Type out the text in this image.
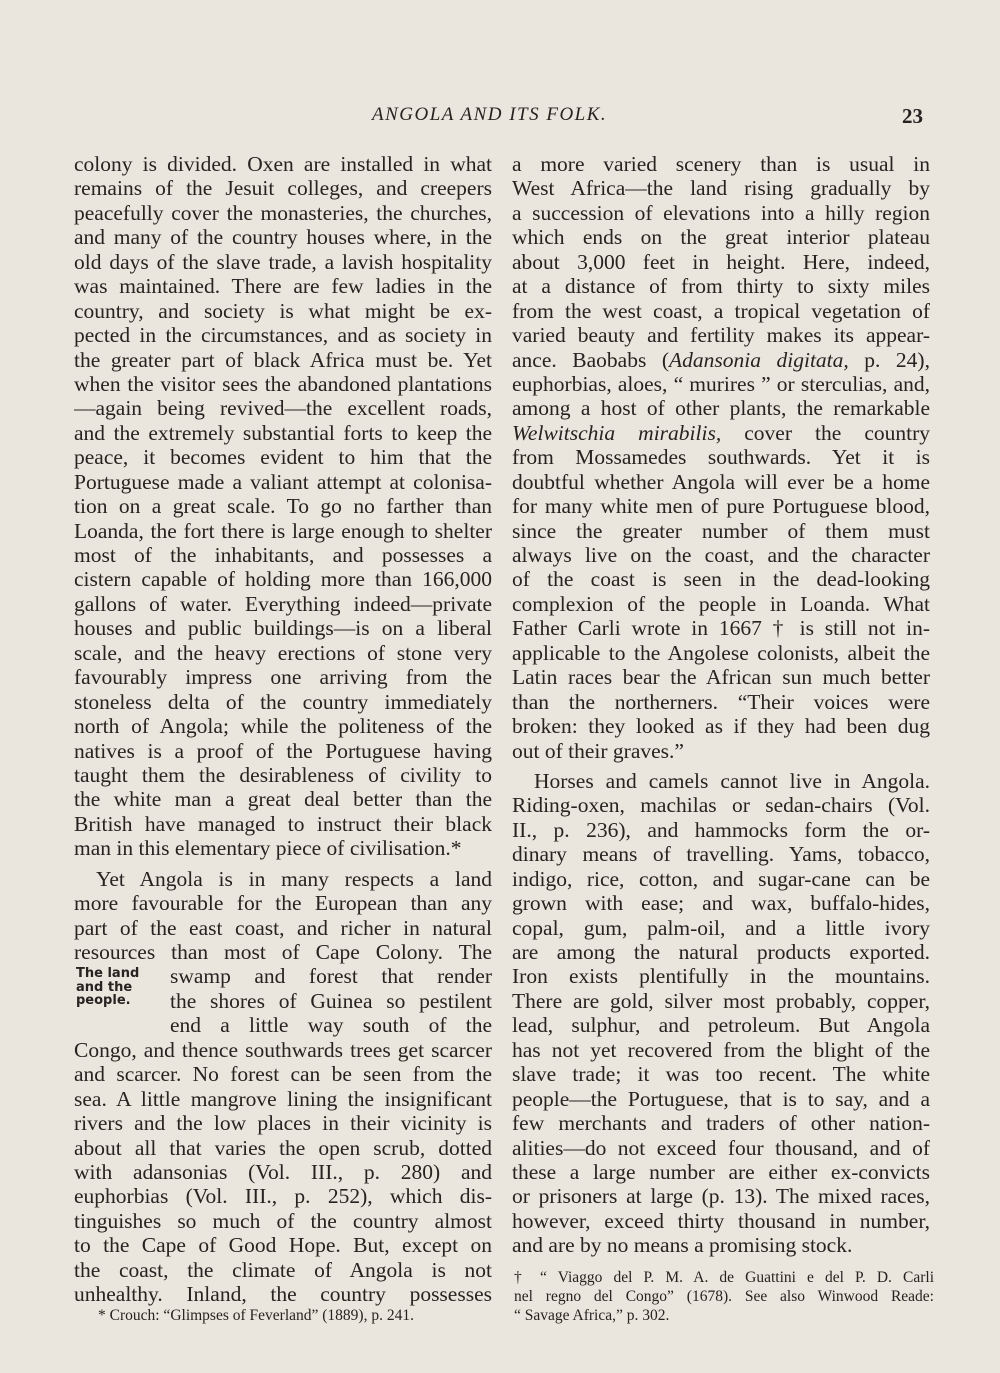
ANGOLA AND ITS FOLK.	23
colony is divided. Oxen are installed in what
remains of the Jesuit colleges, and creepers
peacefully cover the monasteries, the churches,
and many of the country houses where, in the
old days of the slave trade, a lavish hospitality
was maintained. There are few ladies in the
country, and society is what might be ex-
pected in the circumstances, and as society in
the greater part of black Africa must be. Yet
when the visitor sees the abandoned plantations
—again being revived—the excellent roads,
and the extremely substantial forts to keep the
peace, it becomes evident to him that the
Portuguese made a valiant attempt at colonisa-
tion on a great scale. To go no farther than
Loanda, the fort there is large enough to shelter
most of the inhabitants, and possesses a
cistern capable of holding more than 166,000
gallons of water. Everything indeed—private
houses and public buildings—is on a liberal
scale, and the heavy erections of stone very
favourably impress one arriving from the
stoneless delta of the country immediately
north of Angola; while the politeness of the
natives is a proof of the Portuguese having
taught them the desirableness of civility to
the white man a great deal better than the
British have managed to instruct their black
man in this elementary piece of civilisation.*
Yet Angola is in many respects a land
more favourable for the European than any
part of the east coast, and richer in natural
resources than most of Cape Colony. The
swamp and forest that render
the shores of Guinea so pestilent
end a little way south of the
Congo, and thence southwards trees get scarcer
and scarcer. No forest can be seen from the
sea. A little mangrove lining the insignificant
rivers and the low places in their vicinity is
about all that varies the open scrub, dotted
with adansonias (Vol. III., p. 280) and
euphorbias (Vol. III., p. 252), which dis-
tinguishes so much of the country almost
to the Cape of Good Hope. But, except on
the coast, the climate of Angola is not
unhealthy. Inland, the country possesses
The land
and the
people.
* Crouch: “Glimpses of Feverland” (1889), p. 241.
a more varied scenery than is usual in
West Africa—the land rising gradually by
a succession of elevations into a hilly region
which ends on the great interior plateau
about 3,000 feet in height. Here, indeed,
at a distance of from thirty to sixty miles
from the west coast, a tropical vegetation of
varied beauty and fertility makes its appear-
ance. Baobabs (Adansonia digitata, p. 24),
euphorbias, aloes, “ murires ” or sterculias, and,
among a host of other plants, the remarkable
Welwitschia mirabilis, cover the country
from Mossamedes southwards. Yet it is
doubtful whether Angola will ever be a home
for many white men of pure Portuguese blood,
since the greater number of them must
always live on the coast, and the character
of the coast is seen in the dead-looking
complexion of the people in Loanda. What
Father Carli wrote in 1667 † is still not in-
applicable to the Angolese colonists, albeit the
Latin races bear the African sun much better
than the northerners. “Their voices were
broken: they looked as if they had been dug
out of their graves.”
Horses and camels cannot live in Angola.
Riding-oxen, machilas or sedan-chairs (Vol.
II., p. 236), and hammocks form the or-
dinary means of travelling. Yams, tobacco,
indigo, rice, cotton, and sugar-cane can be
grown with ease; and wax, buffalo-hides,
copal, gum, palm-oil, and a little ivory
are among the natural products exported.
Iron exists plentifully in the mountains.
There are gold, silver most probably, copper,
lead, sulphur, and petroleum. But Angola
has not yet recovered from the blight of the
slave trade; it was too recent. The white
people—the Portuguese, that is to say, and a
few merchants and traders of other nation-
alities—do not exceed four thousand, and of
these a large number are either ex-convicts
or prisoners at large (p. 13). The mixed races,
however, exceed thirty thousand in number,
and are by no means a promising stock.
† “ Viaggo del P. M. A. de Guattini e del P. D. Carli
nel regno del Congo” (1678). See also Winwood Reade:
“ Savage Africa,” p. 302.
